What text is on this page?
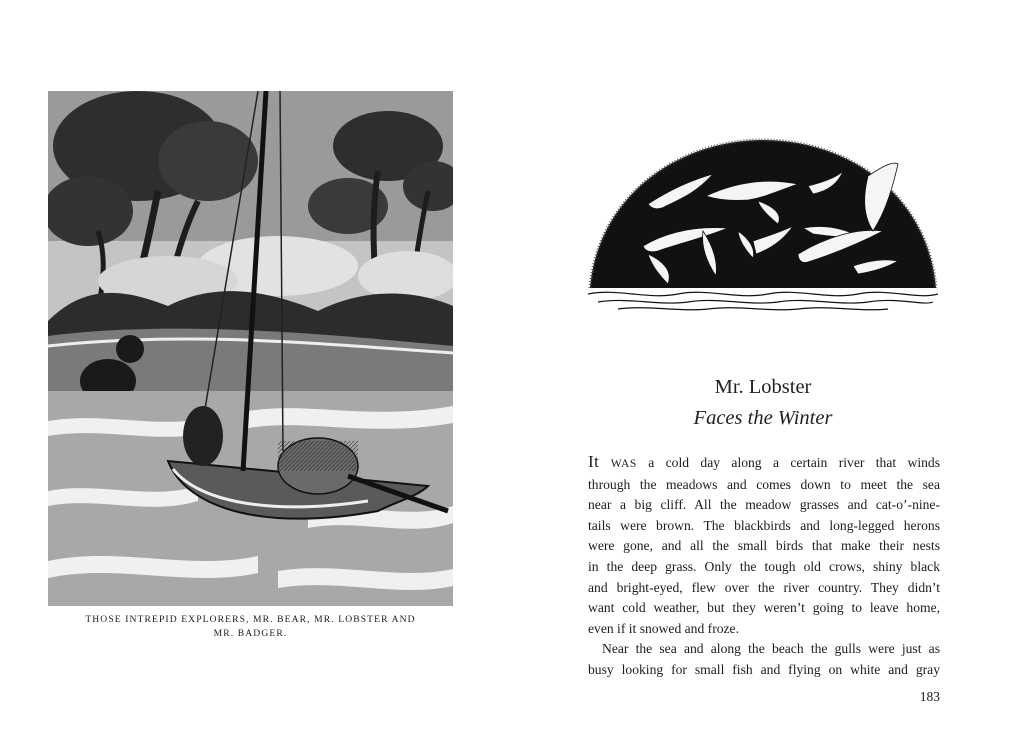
THOSE INTREPID EXPLORERS, MR. BEAR, MR. LOBSTER AND
MR. BADGER.
Mr. Lobster
Faces the Winter

It WAS a cold day along a certain river that winds
through the meadows and comes down to meet the sea
near a big cliff. All the meadow grasses and cat-o’-nine-
tails were brown. The blackbirds and long-legged herons
were gone, and all the small birds that make their nests
in the deep grass. Only the tough old crows, shiny black
and bright-eyed, flew over the river country. They didn’t
want cold weather, but they weren’t going to leave home,
even if it snowed and froze.

Near the sea and along the beach the gulls were just as
busy looking for small fish and flying on white and gray

183
